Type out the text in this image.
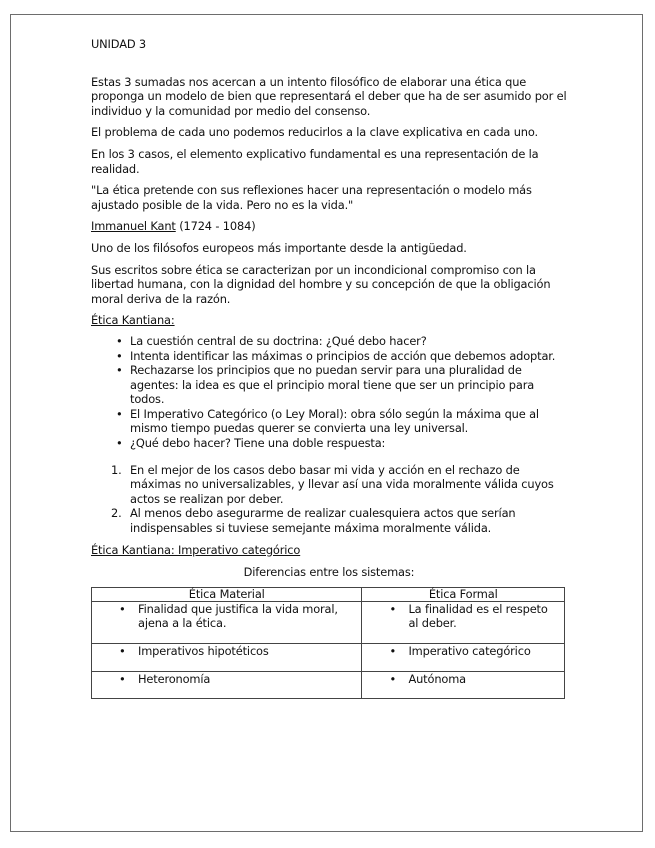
UNIDAD 3

Estas 3 sumadas nos acercan a un intento filosófico de elaborar una ética que proponga un modelo de bien que representará el deber que ha de ser asumido por el individuo y la comunidad por medio del consenso.

El problema de cada uno podemos reducirlos a la clave explicativa en cada uno.

En los 3 casos, el elemento explicativo fundamental es una representación de la realidad.

"La ética pretende con sus reflexiones hacer una representación o modelo más ajustado posible de la vida. Pero no es la vida."

Immanuel Kant (1724 - 1084)

Uno de los filósofos europeos más importante desde la antigüedad.

Sus escritos sobre ética se caracterizan por un incondicional compromiso con la libertad humana, con la dignidad del hombre y su concepción de que la obligación moral deriva de la razón.

Ética Kantiana:

• La cuestión central de su doctrina: ¿Qué debo hacer?
• Intenta identificar las máximas o principios de acción que debemos adoptar.
• Rechazarse los principios que no puedan servir para una pluralidad de agentes: la idea es que el principio moral tiene que ser un principio para todos.
• El Imperativo Categórico (o Ley Moral): obra sólo según la máxima que al mismo tiempo puedas querer se convierta una ley universal.
• ¿Qué debo hacer? Tiene una doble respuesta:
1. En el mejor de los casos debo basar mi vida y acción en el rechazo de máximas no universalizables, y llevar así una vida moralmente válida cuyos actos se realizan por deber.
2. Al menos debo asegurarme de realizar cualesquiera actos que serían indispensables si tuviese semejante máxima moralmente válida.

Ética Kantiana: Imperativo categórico

Diferencias entre los sistemas:

Ética Material	Ética Formal

• Finalidad que justifica la vida moral, ajena a la ética.	• La finalidad es el respeto al deber.

• Imperativos hipotéticos	• Imperativo categórico

• Heteronomía	• Autónoma
